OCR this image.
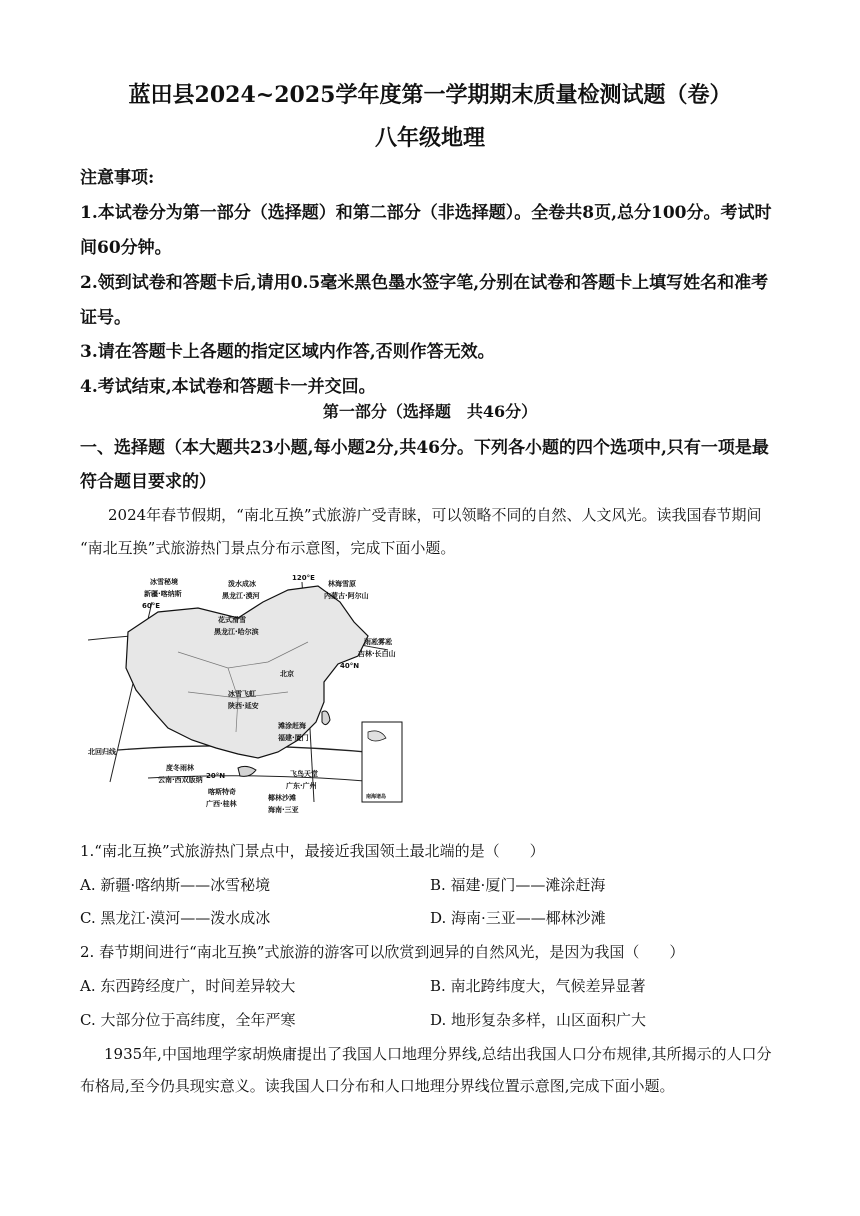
蓝田县2024~2025学年度第一学期期末质量检测试题（卷）
八年级地理
注意事项:
1.本试卷分为第一部分（选择题）和第二部分（非选择题）。全卷共8页,总分100分。考试时
间60分钟。
2.领到试卷和答题卡后,请用0.5毫米黑色墨水签字笔,分别在试卷和答题卡上填写姓名和准考
证号。
3.请在答题卡上各题的指定区域内作答,否则作答无效。
4.考试结束,本试卷和答题卡一并交回。
第一部分（选择题　共46分）
一、选择题（本大题共23小题,每小题2分,共46分。下列各小题的四个选项中,只有一项是最
符合题目要求的）
2024年春节假期，“南北互换”式旅游广受青睐，可以领略不同的自然、人文风光。读我国春节期间
“南北互换”式旅游热门景点分布示意图，完成下面小题。
冰雪秘境
新疆·喀纳斯
60°E
泼水成冰
黑龙江·漠河
120°E
林海雪原
内蒙古·阿尔山
花式滑雪
黑龙江·哈尔滨
雨凇雾凇
吉林·长白山
40°N
北京
冰雪飞虹
陕西·延安
滩涂赶海
福建·厦门
北回归线
度冬雨林
云南·西双版纳 20°N	飞鸟天堂
广东·广州
椰林沙滩
海南·三亚
喀斯特奇
广西·桂林
南海诸岛
1.“南北互换”式旅游热门景点中，最接近我国领土最北端的是（　　）
A. 新疆·喀纳斯——冰雪秘境	B. 福建·厦门——滩涂赶海
C. 黑龙江·漠河——泼水成冰	D. 海南·三亚——椰林沙滩
2. 春节期间进行“南北互换”式旅游的游客可以欣赏到迥异的自然风光，是因为我国（　　）
A. 东西跨经度广，时间差异较大	B. 南北跨纬度大，气候差异显著
C. 大部分位于高纬度，全年严寒	D. 地形复杂多样，山区面积广大
1935年,中国地理学家胡焕庸提出了我国人口地理分界线,总结出我国人口分布规律,其所揭示的人口分
布格局,至今仍具现实意义。读我国人口分布和人口地理分界线位置示意图,完成下面小题。
